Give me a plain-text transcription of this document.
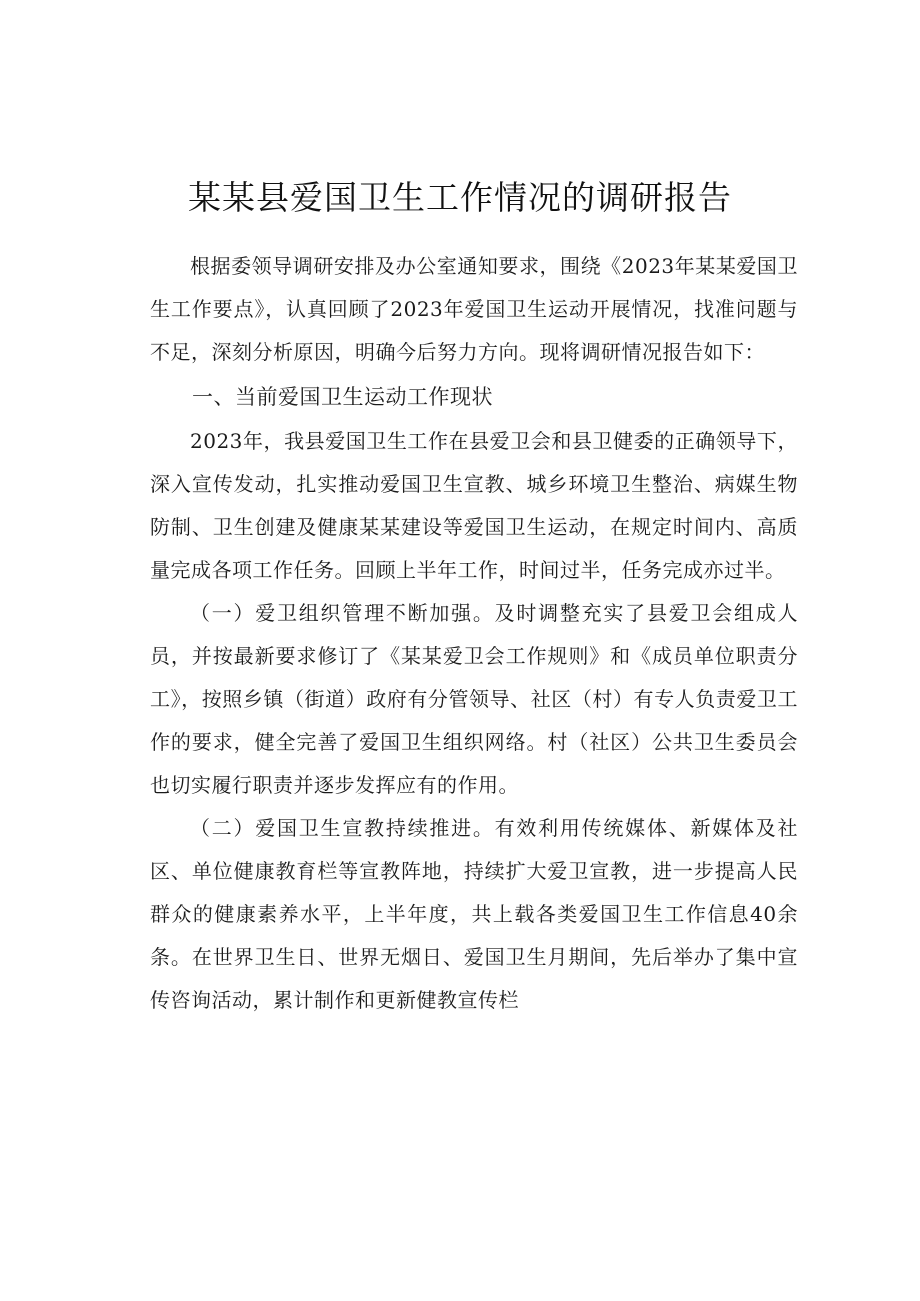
某某县爱国卫生工作情况的调研报告

根据委领导调研安排及办公室通知要求，围绕《2023年某某爱国卫生工作要点》，认真回顾了2023年爱国卫生运动开展情况，找准问题与不足，深刻分析原因，明确今后努力方向。现将调研情况报告如下：

一、当前爱国卫生运动工作现状

2023年，我县爱国卫生工作在县爱卫会和县卫健委的正确领导下，深入宣传发动，扎实推动爱国卫生宣教、城乡环境卫生整治、病媒生物防制、卫生创建及健康某某建设等爱国卫生运动，在规定时间内、高质量完成各项工作任务。回顾上半年工作，时间过半，任务完成亦过半。

（一）爱卫组织管理不断加强。及时调整充实了县爱卫会组成人员，并按最新要求修订了《某某爱卫会工作规则》和《成员单位职责分工》，按照乡镇（街道）政府有分管领导、社区（村）有专人负责爱卫工作的要求，健全完善了爱国卫生组织网络。村（社区）公共卫生委员会也切实履行职责并逐步发挥应有的作用。

（二）爱国卫生宣教持续推进。有效利用传统媒体、新媒体及社区、单位健康教育栏等宣教阵地，持续扩大爱卫宣教，进一步提高人民群众的健康素养水平，上半年度，共上载各类爱国卫生工作信息40余条。在世界卫生日、世界无烟日、爱国卫生月期间，先后举办了集中宣传咨询活动，累计制作和更新健教宣传栏
